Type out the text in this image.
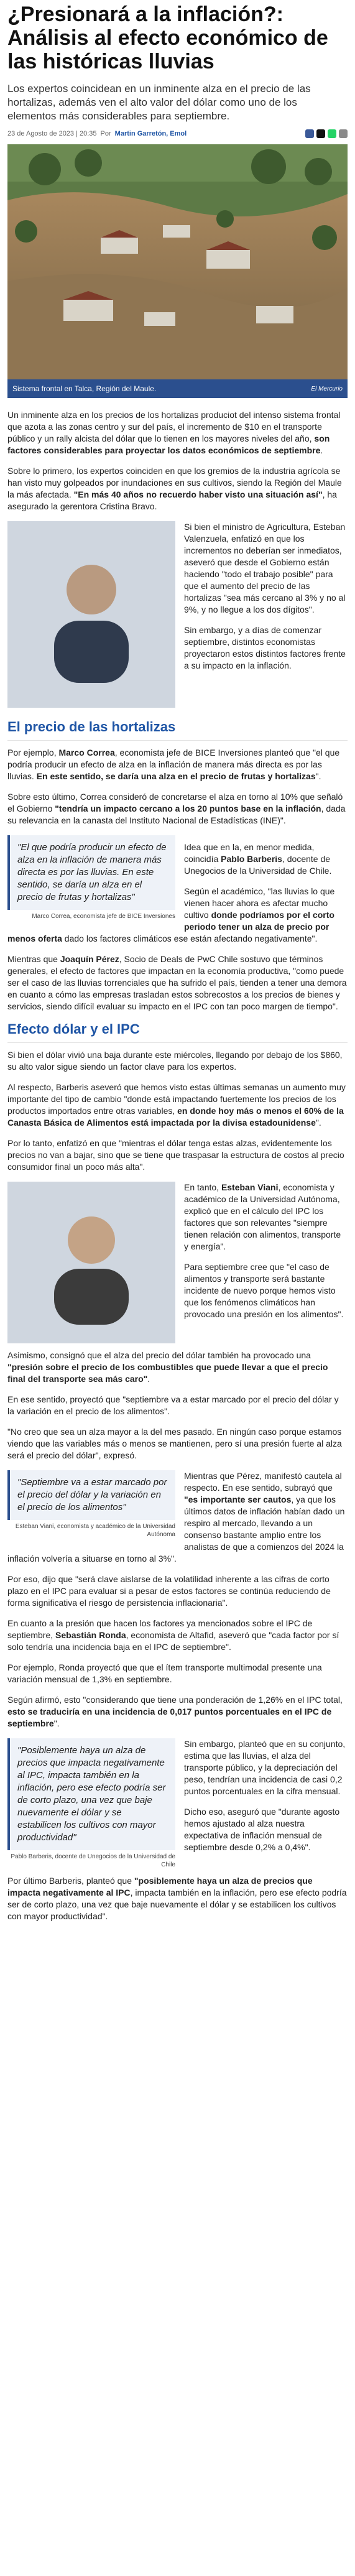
¿Presionará a la inflación?: Análisis al efecto económico de las históricas lluvias
Los expertos coincidean en un inminente alza en el precio de las hortalizas, además ven el alto valor del dólar como uno de los elementos más considerables para septiembre.
23 de Agosto de 2023 | 20:35 Por Martin Garretón, Emol
Sistema frontal en Talca, Región del Maule.	El Mercurio

Un inminente alza en los precios de los hortalizas produciot del intenso sistema frontal que azota a las zonas centro y sur del país, el incremento de $10 en el transporte público y un rally alcista del dólar que lo tienen en los mayores niveles del año, son factores considerables para proyectar los datos económicos de septiembre.

Sobre lo primero, los expertos coinciden en que los gremios de la industria agrícola se han visto muy golpeados por inundaciones en sus cultivos, siendo la Región del Maule la más afectada. "En más 40 años no recuerdo haber visto una situación así", ha asegurado la gerentora Cristina Bravo.

Si bien el ministro de Agricultura, Esteban Valenzuela, enfatizó en que los incrementos no deberían ser inmediatos, aseveró que desde el Gobierno están haciendo "todo el trabajo posible" para que el aumento del precio de las hortalizas "sea más cercano al 3% y no al 9%, y no llegue a los dos dígitos".

Sin embargo, y a días de comenzar septiembre, distintos economistas proyectaron estos distintos factores frente a su impacto en la inflación.

El precio de las hortalizas

Por ejemplo, Marco Correa, economista jefe de BICE Inversiones planteó que "el que podría producir un efecto de alza en la inflación de manera más directa es por las lluvias. En este sentido, se daría una alza en el precio de frutas y hortalizas".

Sobre esto último, Correa consideró de concretarse el alza en torno al 10% que señaló el Gobierno "tendría un impacto cercano a los 20 puntos base en la inflación, dada su relevancia en la canasta del Instituto Nacional de Estadísticas (INE)".

"El que podría producir un efecto de alza en la inflación de manera más directa es por las lluvias. En este sentido, se daría un alza en el precio de frutas y hortalizas"
Marco Correa, economista jefe de BICE Inversiones

Idea que en la, en menor medida, coincidía Pablo Barberis, docente de Unegocios de la Universidad de Chile.

Según el académico, "las lluvias lo que vienen hacer ahora es afectar mucho cultivo donde podríamos por el corto periodo tener un alza de precio por menos oferta dado los factores climáticos ese están afectando negativamente".

Mientras que Joaquín Pérez, Socio de Deals de PwC Chile sostuvo que términos generales, el efecto de factores que impactan en la economía productiva, "como puede ser el caso de las lluvias torrenciales que ha sufrido el país, tienden a tener una demora en cuanto a cómo las empresas trasladan estos sobrecostos a los precios de bienes y servicios, siendo difícil evaluar su impacto en el IPC con tan poco margen de tiempo".

Efecto dólar y el IPC

Si bien el dólar vivió una baja durante este miércoles, llegando por debajo de los $860, su alto valor sigue siendo un factor clave para los expertos.

Al respecto, Barberis aseveró que hemos visto estas últimas semanas un aumento muy importante del tipo de cambio "donde está impactando fuertemente los precios de los productos importados entre otras variables, en donde hoy más o menos el 60% de la Canasta Básica de Alimentos está impactada por la divisa estadounidense".

Por lo tanto, enfatizó en que "mientras el dólar tenga estas alzas, evidentemente los precios no van a bajar, sino que se tiene que traspasar la estructura de costos al precio consumidor final un poco más alta".

En tanto, Esteban Viani, economista y académico de la Universidad Autónoma, explicó que en el cálculo del IPC los factores que son relevantes "siempre tienen relación con alimentos, transporte y energía".

Para septiembre cree que "el caso de alimentos y transporte será bastante incidente de nuevo porque hemos visto que los fenómenos climáticos han provocado una presión en los alimentos".

Asimismo, consignó que el alza del precio del dólar también ha provocado una "presión sobre el precio de los combustibles que puede llevar a que el precio final del transporte sea más caro".

En ese sentido, proyectó que "septiembre va a estar marcado por el precio del dólar y la variación en el precio de los alimentos".

"No creo que sea un alza mayor a la del mes pasado. En ningún caso porque estamos viendo que las variables más o menos se mantienen, pero sí una presión fuerte al alza será el precio del dólar", expresó.

"Septiembre va a estar marcado por el precio del dólar y la variación en el precio de los alimentos"
Esteban Viani, economista y académico de la Universidad Autónoma

Mientras que Pérez, manifestó cautela al respecto. En ese sentido, subrayó que "es importante ser cautos, ya que los últimos datos de inflación habían dado un respiro al mercado, llevando a un consenso bastante amplio entre los analistas de que a comienzos del 2024 la inflación volvería a situarse en torno al 3%".

Por eso, dijo que "será clave aislarse de la volatilidad inherente a las cifras de corto plazo en el IPC para evaluar si a pesar de estos factores se continúa reduciendo de forma significativa el riesgo de persistencia inflacionaria".

En cuanto a la presión que hacen los factores ya mencionados sobre el IPC de septiembre, Sebastián Ronda, economista de Altafid, aseveró que "cada factor por sí solo tendría una incidencia baja en el IPC de septiembre".

Por ejemplo, Ronda proyectó que que el ítem transporte multimodal presente una variación mensual de 1,3% en septiembre.

Según afirmó, esto "considerando que tiene una ponderación de 1,26% en el IPC total, esto se traduciría en una incidencia de 0,017 puntos porcentuales en el IPC de septiembre".

"Posiblemente haya un alza de precios que impacta negativamente al IPC, impacta también en la inflación, pero ese efecto podría ser de corto plazo, una vez que baje nuevamente el dólar y se estabilicen los cultivos con mayor productividad"
Pablo Barberis, docente de Unegocios de la Universidad de Chile

Sin embargo, planteó que en su conjunto, estima que las lluvias, el alza del transporte público, y la depreciación del peso, tendrían una incidencia de casi 0,2 puntos porcentuales en la cifra mensual.

Dicho eso, aseguró que "durante agosto hemos ajustado al alza nuestra expectativa de inflación mensual de septiembre desde 0,2% a 0,4%".

Por último Barberis, planteó que "posiblemente haya un alza de precios que impacta negativamente al IPC, impacta también en la inflación, pero ese efecto podría ser de corto plazo, una vez que baje nuevamente el dólar y se estabilicen los cultivos con mayor productividad".
